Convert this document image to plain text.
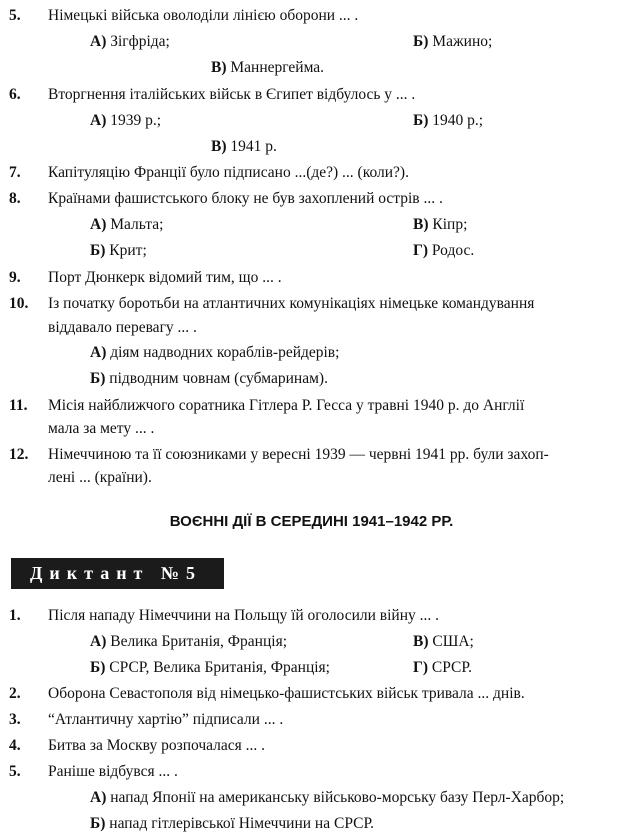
5. Німецькі війська оволоділи лінією оборони ... .
А) Зігфріда;	Б) Мажино;
В) Маннергейма.
6. Вторгнення італійських військ в Єгипет відбулось у ... .
А) 1939 р.;	Б) 1940 р.;
В) 1941 р.
7. Капітуляцію Франції було підписано ...(де?) ... (коли?).
8. Країнами фашистського блоку не був захоплений острів ... .
А) Мальта;	В) Кіпр;
Б) Крит;	Г) Родос.
9. Порт Дюнкерк відомий тим, що ... .
10. Із початку боротьби на атлантичних комунікаціях німецьке командування
віддавало перевагу ... .
А) діям надводних кораблів-рейдерів;
Б) підводним човнам (субмаринам).
11. Місія найближчого соратника Гітлера Р. Гесса у травні 1940 р. до Англії
мала за мету ... .
12. Німеччиною та її союзниками у вересні 1939 — червні 1941 рр. були захоп-
лені ... (країни).
ВОЄННІ ДІЇ В СЕРЕДИНІ 1941–1942 РР.
Диктант №5
1. Після нападу Німеччини на Польщу їй оголосили війну ... .
А) Велика Британія, Франція;	В) США;
Б) СРСР, Велика Британія, Франція;	Г) СРСР.
2. Оборона Севастополя від німецько-фашистських військ тривала ... днів.
3. “Атлантичну хартію” підписали ... .
4. Битва за Москву розпочалася ... .
5. Раніше відбувся ... .
А) напад Японії на американську військово-морську базу Перл-Харбор;
Б) напад гітлерівської Німеччини на СРСР.
